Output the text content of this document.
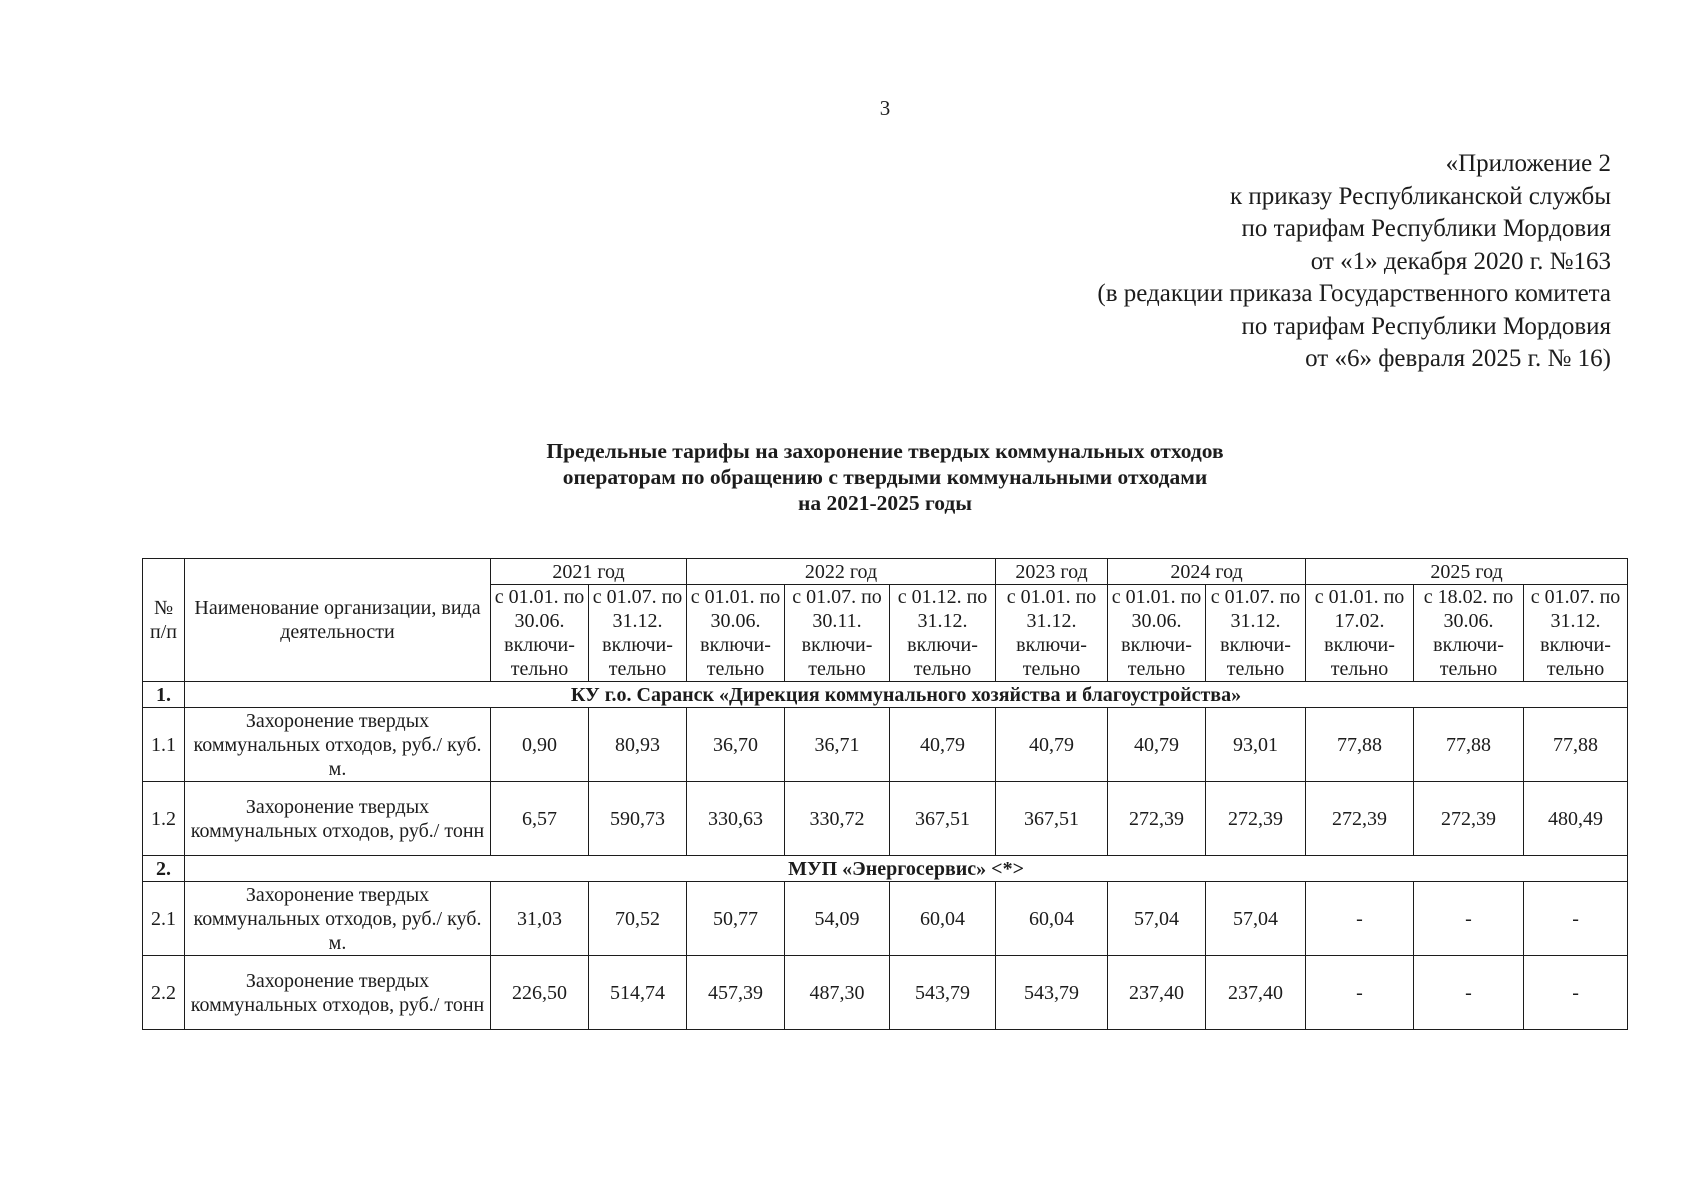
3
«Приложение 2
к приказу Республиканской службы
по тарифам Республики Мордовия
от «1» декабря 2020 г. №163
(в редакции приказа Государственного комитета
по тарифам Республики Мордовия
от «6» февраля 2025 г. № 16)
Предельные тарифы на захоронение твердых коммунальных отходов
операторам по обращению с твердыми коммунальными отходами
на 2021-2025 годы
№ п/п	Наименование организации, вида деятельности	2021 год		2022 год			2023 год	2024 год		2025 год		
		с 01.01. по 30.06. включи-тельно	с 01.07. по 31.12. включи-тельно	с 01.01. по 30.06. включи-тельно	с 01.07. по 30.11. включи-тельно	с 01.12. по 31.12. включи-тельно	с 01.01. по 31.12. включи-тельно	с 01.01. по 30.06. включи-тельно	с 01.07. по 31.12. включи-тельно	с 01.01. по 17.02. включи-тельно	с 18.02. по 30.06. включи-тельно	с 01.07. по 31.12. включи-тельно
1.	КУ г.о. Саранск «Дирекция коммунального хозяйства и благоустройства»											
1.1	Захоронение твердых коммунальных отходов, руб./ куб. м.	0,90	80,93	36,70	36,71	40,79	40,79	40,79	93,01	77,88	77,88	77,88
1.2	Захоронение твердых коммунальных отходов, руб./ тонн	6,57	590,73	330,63	330,72	367,51	367,51	272,39	272,39	272,39	272,39	480,49
2.	МУП «Энергосервис» <*>											
2.1	Захоронение твердых коммунальных отходов, руб./ куб. м.	31,03	70,52	50,77	54,09	60,04	60,04	57,04	57,04	-	-	-
2.2	Захоронение твердых коммунальных отходов, руб./ тонн	226,50	514,74	457,39	487,30	543,79	543,79	237,40	237,40	-	-	-
